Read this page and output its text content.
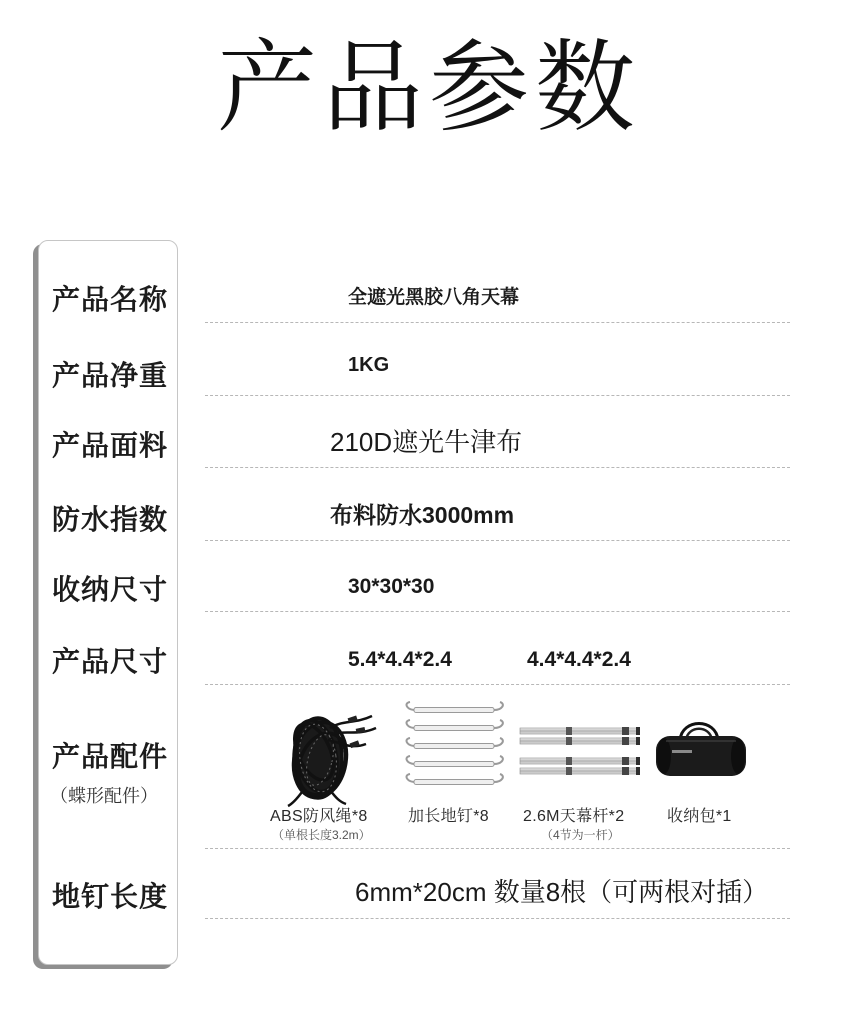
产品参数
产品名称
产品净重
产品面料
防水指数
收纳尺寸
产品尺寸
产品配件
（蝶形配件）
地钉长度
全遮光黑胶八角天幕
1KG
210D遮光牛津布
布料防水3000mm
30*30*30
5.4*4.4*2.4	4.4*4.4*2.4
ABS防风绳*8
（单根长度3.2m）
加长地钉*8 2.6M天幕杆*2
（4节为一杆）
收纳包*1
6mm*20cm 数量8根（可两根对插）
